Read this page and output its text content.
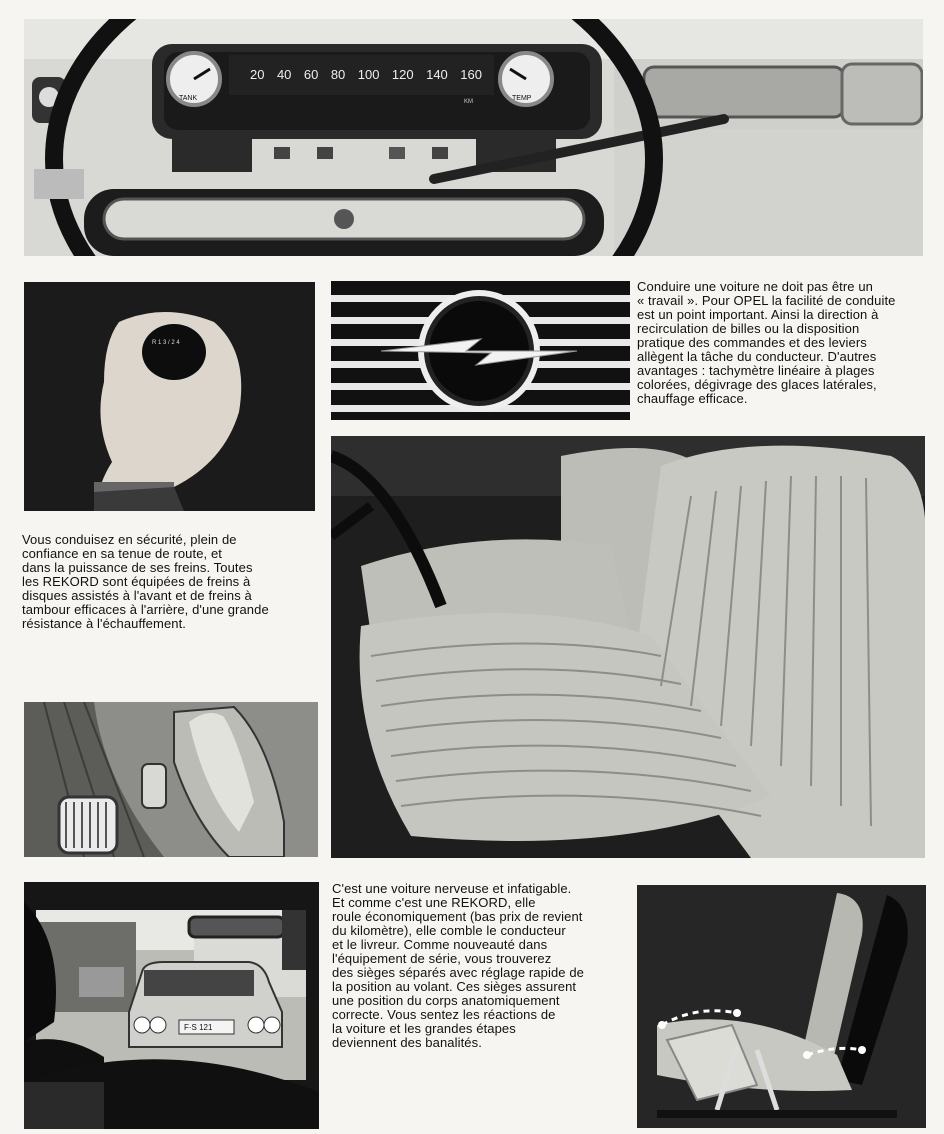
TANK	TEMP
20 40 60 80 100 120 140 160
KM
R 1 3 / 2 4

Conduire une voiture ne doit pas être un

« travail ». Pour OPEL la facilité de conduite

est un point important. Ainsi la direction à

recirculation de billes ou la disposition

pratique des commandes et des leviers

allègent la tâche du conducteur. D'autres

avantages : tachymètre linéaire à plages

colorées, dégivrage des glaces latérales,

chauffage efficace.

Vous conduisez en sécurité, plein de

confiance en sa tenue de route, et

dans la puissance de ses freins. Toutes

les REKORD sont équipées de freins à

disques assistés à l'avant et de freins à

tambour efficaces à l'arrière, d'une grande

résistance à l'échauffement.

F·S 121

C'est une voiture nerveuse et infatigable.

Et comme c'est une REKORD, elle

roule économiquement (bas prix de revient

du kilomètre), elle comble le conducteur

et le livreur. Comme nouveauté dans

l'équipement de série, vous trouverez

des sièges séparés avec réglage rapide de

la position au volant. Ces sièges assurent

une position du corps anatomiquement

correcte. Vous sentez les réactions de

la voiture et les grandes étapes

deviennent des banalités.
